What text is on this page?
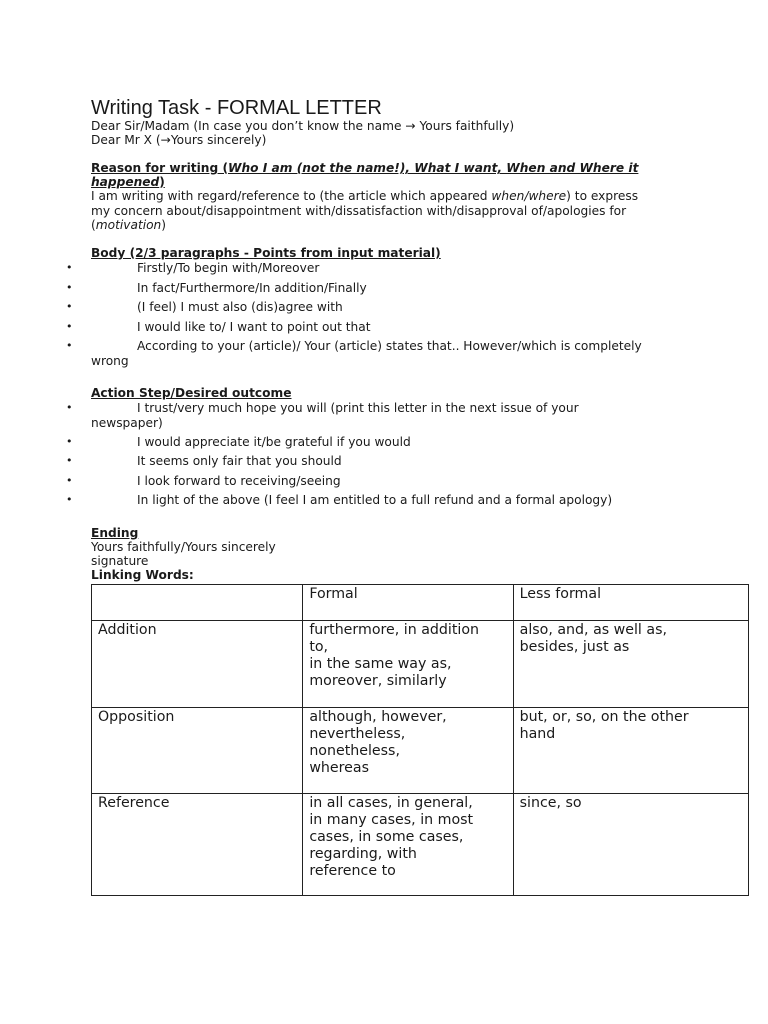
Writing Task - FORMAL LETTER
Dear Sir/Madam (In case you don’t know the name → Yours faithfully)
Dear Mr X (→Yours sincerely)
Reason for writing (Who I am (not the name!), What I want, When and Where it
happened)
I am writing with regard/reference to (the article which appeared when/where) to express
my concern about/disappointment with/dissatisfaction with/disapproval of/apologies for
(motivation)
Body (2/3 paragraphs - Points from input material)
•	Firstly/To begin with/Moreover
•	In fact/Furthermore/In addition/Finally
•	(I feel) I must also (dis)agree with
•	I would like to/ I want to point out that
•	According to your (article)/ Your (article) states that.. However/which is completely
wrong
Action Step/Desired outcome
•	I trust/very much hope you will (print this letter in the next issue of your
newspaper)
•	I would appreciate it/be grateful if you would
•	It seems only fair that you should
•	I look forward to receiving/seeing
•	In light of the above (I feel I am entitled to a full refund and a formal apology)
Ending
Yours faithfully/Yours sincerely
signature
Linking Words:
	Formal	Less formal
Addition	furthermore, in addition
to,
in the same way as,
moreover, similarly	also, and, as well as,
besides, just as

Opposition	although, however,
nevertheless,
nonetheless,
whereas	but, or, so, on the other
hand

Reference	in all cases, in general,
in many cases, in most
cases, in some cases,
regarding, with
reference to	since, so
